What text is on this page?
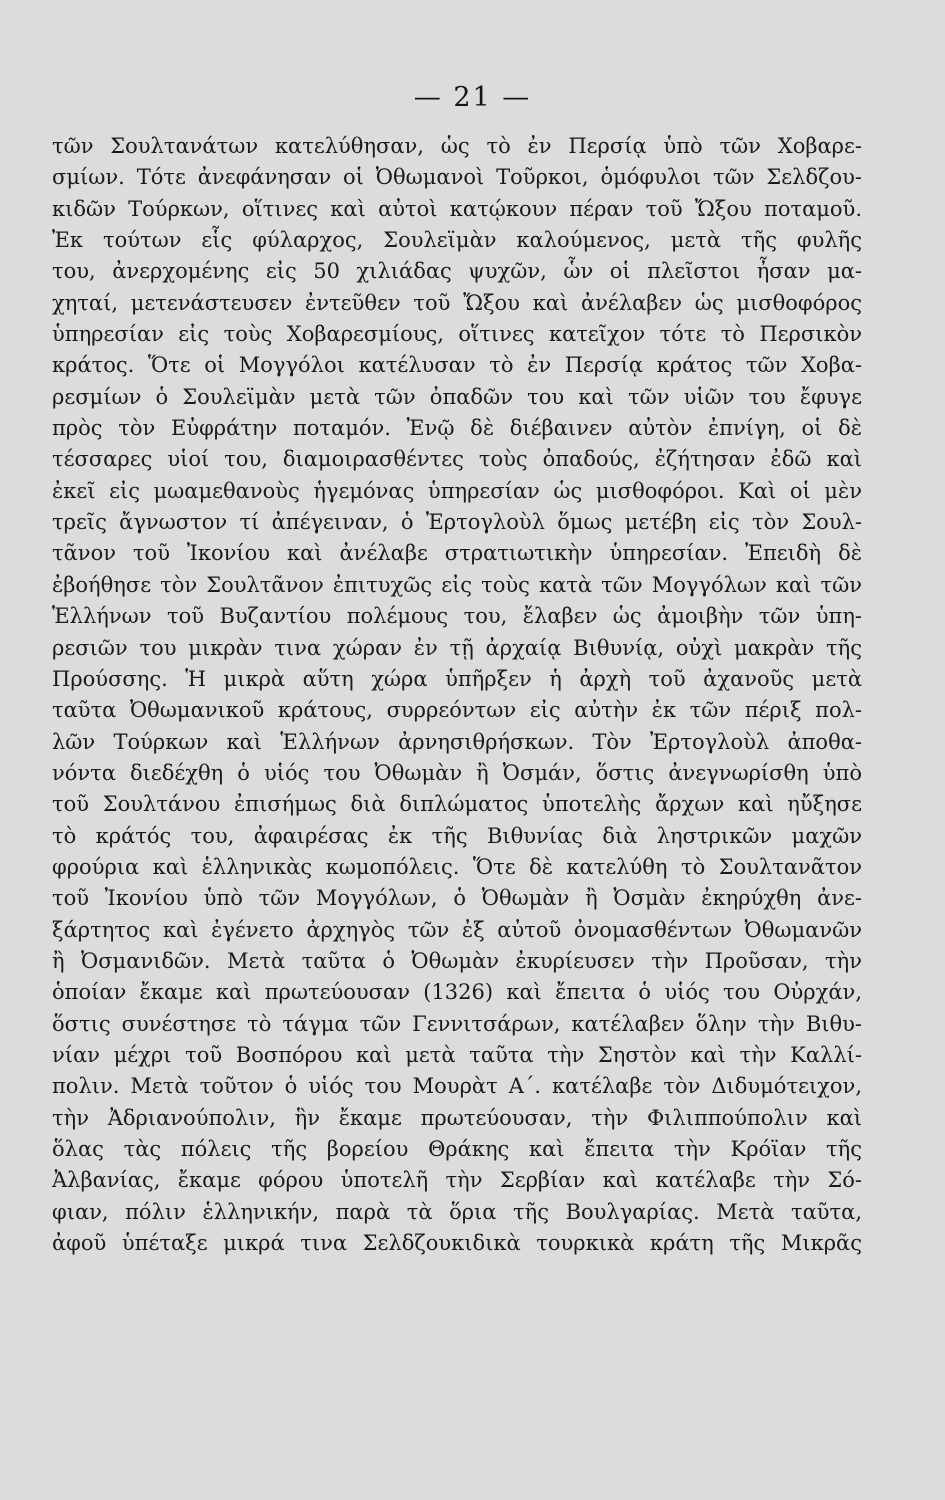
— 21 —
τῶν Σουλτανάτων κατελύθησαν, ὡς τὸ ἐν Περσίᾳ ὑπὸ τῶν Χοβαρε-
σμίων. Τότε ἀνεφάνησαν οἱ Ὀθωμανοὶ Τοῦρκοι, ὁμόφυλοι τῶν Σελδζου-
κιδῶν Τούρκων, οἵτινες καὶ αὐτοὶ κατῴκουν πέραν τοῦ Ὤξου ποταμοῦ.
Ἐκ τούτων εἷς φύλαρχος, Σουλεϊμὰν καλούμενος, μετὰ τῆς φυλῆς
του, ἀνερχομένης εἰς 50 χιλιάδας ψυχῶν, ὧν οἱ πλεῖστοι ἦσαν μα-
χηταί, μετενάστευσεν ἐντεῦθεν τοῦ Ὤξου καὶ ἀνέλαβεν ὡς μισθοφόρος
ὑπηρεσίαν εἰς τοὺς Χοβαρεσμίους, οἵτινες κατεῖχον τότε τὸ Περσικὸν
κράτος. Ὅτε οἱ Μογγόλοι κατέλυσαν τὸ ἐν Περσίᾳ κράτος τῶν Χοβα-
ρεσμίων ὁ Σουλεϊμὰν μετὰ τῶν ὀπαδῶν του καὶ τῶν υἱῶν του ἔφυγε
πρὸς τὸν Εὐφράτην ποταμόν. Ἐνῷ δὲ διέβαινεν αὐτὸν ἐπνίγη, οἱ δὲ
τέσσαρες υἱοί του, διαμοιρασθέντες τοὺς ὀπαδούς, ἐζήτησαν ἐδῶ καὶ
ἐκεῖ εἰς μωαμεθανοὺς ἡγεμόνας ὑπηρεσίαν ὡς μισθοφόροι. Καὶ οἱ μὲν
τρεῖς ἄγνωστον τί ἀπέγειναν, ὁ Ἐρτογλοὺλ ὅμως μετέβη εἰς τὸν Σουλ-
τᾶνον τοῦ Ἰκονίου καὶ ἀνέλαβε στρατιωτικὴν ὑπηρεσίαν. Ἐπειδὴ δὲ
ἐβοήθησε τὸν Σουλτᾶνον ἐπιτυχῶς εἰς τοὺς κατὰ τῶν Μογγόλων καὶ τῶν
Ἑλλήνων τοῦ Βυζαντίου πολέμους του, ἔλαβεν ὡς ἀμοιβὴν τῶν ὑπη-
ρεσιῶν του μικρὰν τινα χώραν ἐν τῇ ἀρχαίᾳ Βιθυνίᾳ, οὐχὶ μακρὰν τῆς
Προύσσης. Ἡ μικρὰ αὕτη χώρα ὑπῆρξεν ἡ ἀρχὴ τοῦ ἀχανοῦς μετὰ
ταῦτα Ὀθωμανικοῦ κράτους, συρρεόντων εἰς αὐτὴν ἐκ τῶν πέριξ πολ-
λῶν Τούρκων καὶ Ἑλλήνων ἀρνησιθρήσκων. Τὸν Ἐρτογλοὺλ ἀποθα-
νόντα διεδέχθη ὁ υἱός του Ὀθωμὰν ἢ Ὀσμάν, ὅστις ἀνεγνωρίσθη ὑπὸ
τοῦ Σουλτάνου ἐπισήμως διὰ διπλώματος ὑποτελὴς ἄρχων καὶ ηὔξησε
τὸ κράτός του, ἀφαιρέσας ἐκ τῆς Βιθυνίας διὰ ληστρικῶν μαχῶν
φρούρια καὶ ἑλληνικὰς κωμοπόλεις. Ὅτε δὲ κατελύθη τὸ Σουλτανᾶτον
τοῦ Ἰκονίου ὑπὸ τῶν Μογγόλων, ὁ Ὀθωμὰν ἢ Ὀσμὰν ἐκηρύχθη ἀνε-
ξάρτητος καὶ ἐγένετο ἀρχηγὸς τῶν ἐξ αὐτοῦ ὀνομασθέντων Ὀθωμανῶν
ἢ Ὀσμανιδῶν. Μετὰ ταῦτα ὁ Ὀθωμὰν ἐκυρίευσεν τὴν Προῦσαν, τὴν
ὁποίαν ἔκαμε καὶ πρωτεύουσαν (1326) καὶ ἔπειτα ὁ υἱός του Οὐρχάν,
ὅστις συνέστησε τὸ τάγμα τῶν Γεννιτσάρων, κατέλαβεν ὅλην τὴν Βιθυ-
νίαν μέχρι τοῦ Βοσπόρου καὶ μετὰ ταῦτα τὴν Σηστὸν καὶ τὴν Καλλί-
πολιν. Μετὰ τοῦτον ὁ υἱός του Μουρὰτ Α΄. κατέλαβε τὸν Διδυμότειχον,
τὴν Ἀδριανούπολιν, ἣν ἔκαμε πρωτεύουσαν, τὴν Φιλιππούπολιν καὶ
ὅλας τὰς πόλεις τῆς βορείου Θράκης καὶ ἔπειτα τὴν Κρόϊαν τῆς
Ἀλβανίας, ἔκαμε φόρου ὑποτελῆ τὴν Σερβίαν καὶ κατέλαβε τὴν Σό-
φιαν, πόλιν ἑλληνικήν, παρὰ τὰ ὅρια τῆς Βουλγαρίας. Μετὰ ταῦτα,
ἀφοῦ ὑπέταξε μικρά τινα Σελδζουκιδικὰ τουρκικὰ κράτη τῆς Μικρᾶς
